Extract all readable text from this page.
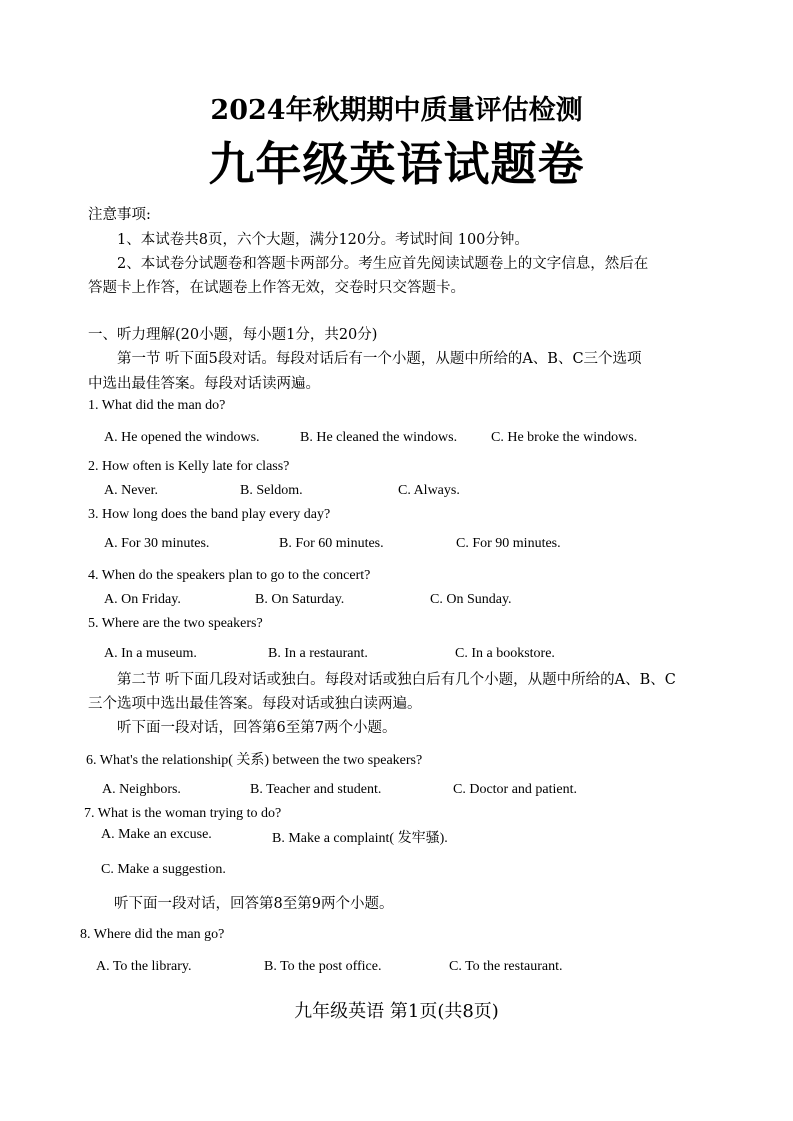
2024年秋期期中质量评估检测
九年级英语试题卷
注意事项:
1、本试卷共8页，六个大题，满分120分。考试时间 100分钟。
2、本试卷分试题卷和答题卡两部分。考生应首先阅读试题卷上的文字信息，然后在
答题卡上作答，在试题卷上作答无效，交卷时只交答题卡。
一、听力理解(20小题，每小题1分，共20分)
第一节 听下面5段对话。每段对话后有一个小题，从题中所给的A、B、C三个选项
中选出最佳答案。每段对话读两遍。
1. What did the man do?
A. He opened the windows.	B. He cleaned the windows. C. He broke the windows.
2. How often is Kelly late for class?
A. Never.	B. Seldom.	C. Always.
3. How long does the band play every day?
A. For 30 minutes.	B. For 60 minutes.	C. For 90 minutes.
4. When do the speakers plan to go to the concert?
A. On Friday.	B. On Saturday.	C. On Sunday.
5. Where are the two speakers?
A. In a museum.	B. In a restaurant.	C. In a bookstore.
第二节 听下面几段对话或独白。每段对话或独白后有几个小题，从题中所给的A、B、C
三个选项中选出最佳答案。每段对话或独白读两遍。
听下面一段对话，回答第6至第7两个小题。
6. What's the relationship( 关系) between the two speakers?
A. Neighbors.	B. Teacher and student.	C. Doctor and patient.
7. What is the woman trying to do?
A. Make an excuse.	B. Make a complaint( 发牢骚).
C. Make a suggestion.
听下面一段对话，回答第8至第9两个小题。
8. Where did the man go?
A. To the library.	B. To the post office.	C. To the restaurant.
九年级英语 第1页(共8页)
